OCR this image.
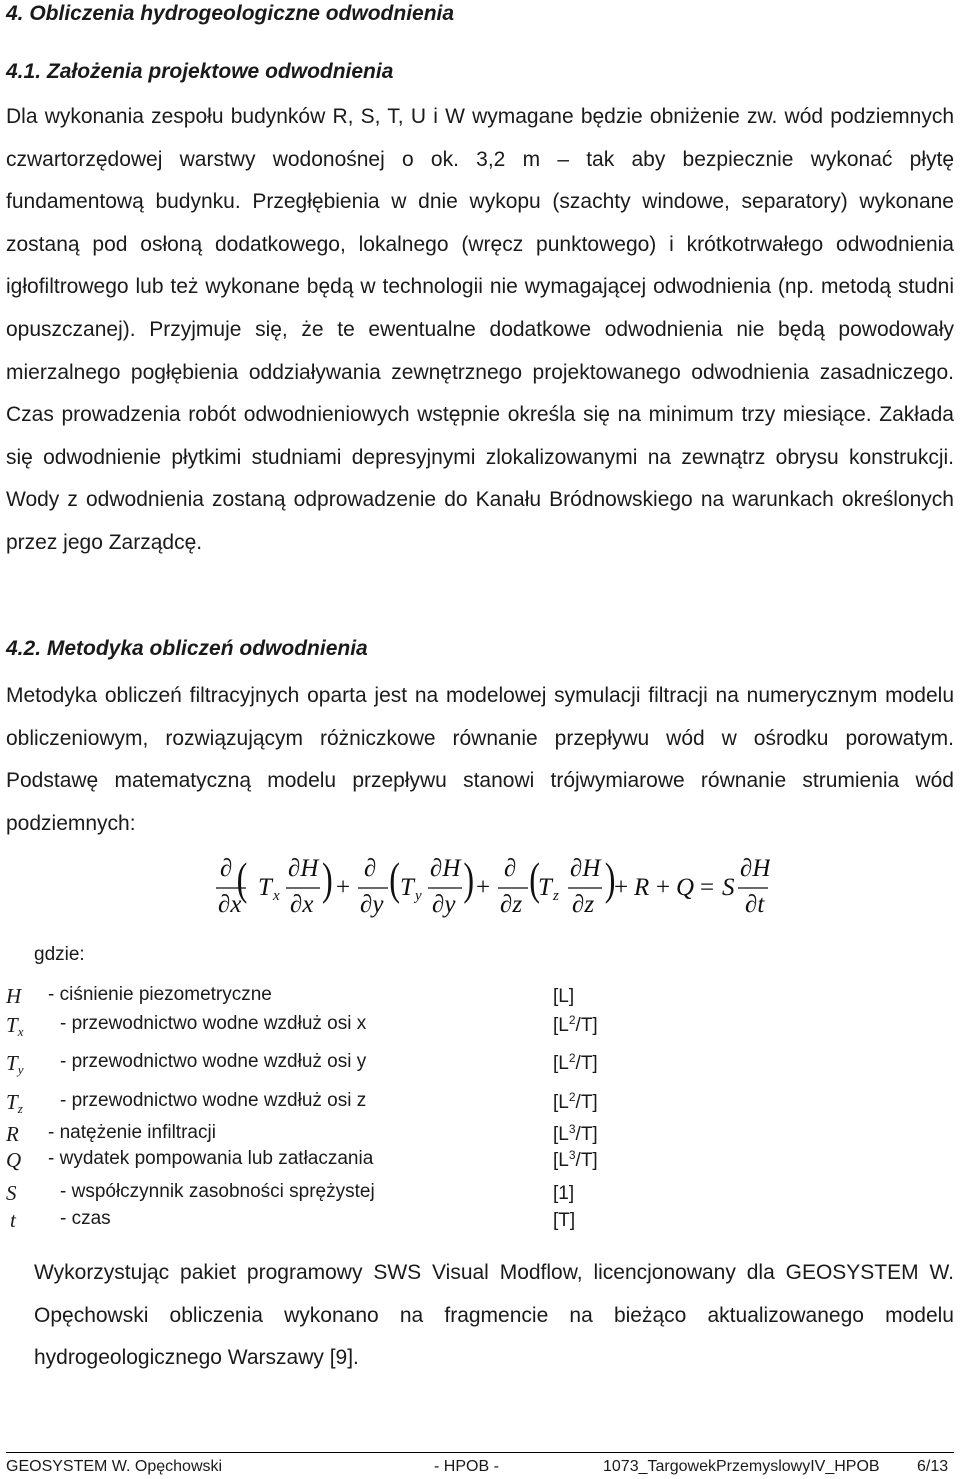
4. Obliczenia hydrogeologiczne odwodnienia
4.1. Założenia projektowe odwodnienia

Dla wykonania zespołu budynków R, S, T, U i W wymagane będzie obniżenie zw. wód podziemnych czwartorzędowej warstwy wodonośnej o ok. 3,2 m – tak aby bezpiecznie wykonać płytę fundamentową budynku. Przegłębienia w dnie wykopu (szachty windowe, separatory) wykonane zostaną pod osłoną dodatkowego, lokalnego (wręcz punktowego) i krótkotrwałego odwodnienia igłofiltrowego lub też wykonane będą w technologii nie wymagającej odwodnienia (np. metodą studni opuszczanej). Przyjmuje się, że te ewentualne dodatkowe odwodnienia nie będą powodowały mierzalnego pogłębienia oddziaływania zewnętrznego projektowanego odwodnienia zasadniczego. Czas prowadzenia robót odwodnieniowych wstępnie określa się na minimum trzy miesiące. Zakłada się odwodnienie płytkimi studniami depresyjnymi zlokalizowanymi na zewnątrz obrysu konstrukcji. Wody z odwodnienia zostaną odprowadzenie do Kanału Bródnowskiego na warunkach określonych przez jego Zarządcę.

4.2. Metodyka obliczeń odwodnienia

Metodyka obliczeń filtracyjnych oparta jest na modelowej symulacji filtracji na numerycznym modelu obliczeniowym, rozwiązującym różniczkowe równanie przepływu wód w ośrodku porowatym. Podstawę matematyczną modelu przepływu stanowi trójwymiarowe równanie strumienia wód podziemnych:

∂
∂x
( T x
∂H
∂x
) +
∂
∂y
( T y
∂H
∂y
) +
∂
∂z
(
T z
∂H
∂z
)
+ R + Q = S
∂H
∂t
gdzie:
H - ciśnienie piezometryczne	[L]
$T_x$ - przewodnictwo wodne wzdłuż osi x	$[L^2/T]$
$T_y$ - przewodnictwo wodne wzdłuż osi y	$[L^2/T]$
$T_z$ - przewodnictwo wodne wzdłuż osi z	$[L^2/T]$
R - natężenie infiltracji	$[L^3/T]$
Q - wydatek pompowania lub zatłaczania	$[L^3/T]$
S - współczynnik zasobności sprężystej	[1]
t - czas	[T]

Wykorzystując pakiet programowy SWS Visual Modflow, licencjonowany dla GEOSYSTEM W. Opęchowski obliczenia wykonano na fragmencie na bieżąco aktualizowanego modelu hydrogeologicznego Warszawy [9].

GEOSYSTEM W. Opęchowski	- HPOB -	1073_TargowekPrzemyslowyIV_HPOB 6/13
